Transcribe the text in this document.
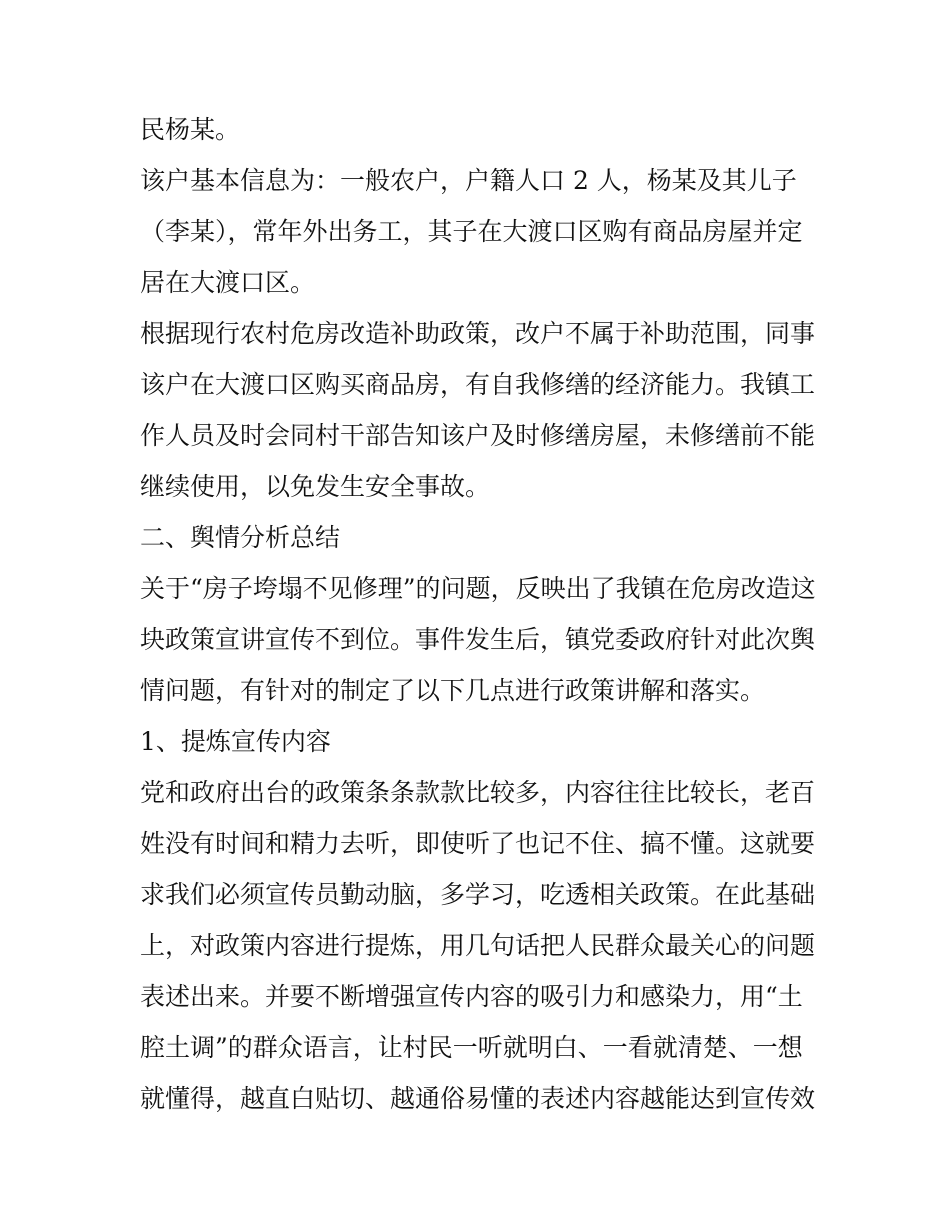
民杨某。
该户基本信息为：一般农户，户籍人口 2 人，杨某及其儿子
（李某），常年外出务工，其子在大渡口区购有商品房屋并定
居在大渡口区。
根据现行农村危房改造补助政策，改户不属于补助范围，同事
该户在大渡口区购买商品房，有自我修缮的经济能力。我镇工
作人员及时会同村干部告知该户及时修缮房屋，未修缮前不能
继续使用，以免发生安全事故。
二、舆情分析总结
关于“房子垮塌不见修理”的问题，反映出了我镇在危房改造这
块政策宣讲宣传不到位。事件发生后，镇党委政府针对此次舆
情问题，有针对的制定了以下几点进行政策讲解和落实。
1、提炼宣传内容
党和政府出台的政策条条款款比较多，内容往往比较长，老百
姓没有时间和精力去听，即使听了也记不住、搞不懂。这就要
求我们必须宣传员勤动脑，多学习，吃透相关政策。在此基础
上，对政策内容进行提炼，用几句话把人民群众最关心的问题
表述出来。并要不断增强宣传内容的吸引力和感染力，用“土
腔土调”的群众语言，让村民一听就明白、一看就清楚、一想
就懂得，越直白贴切、越通俗易懂的表述内容越能达到宣传效
